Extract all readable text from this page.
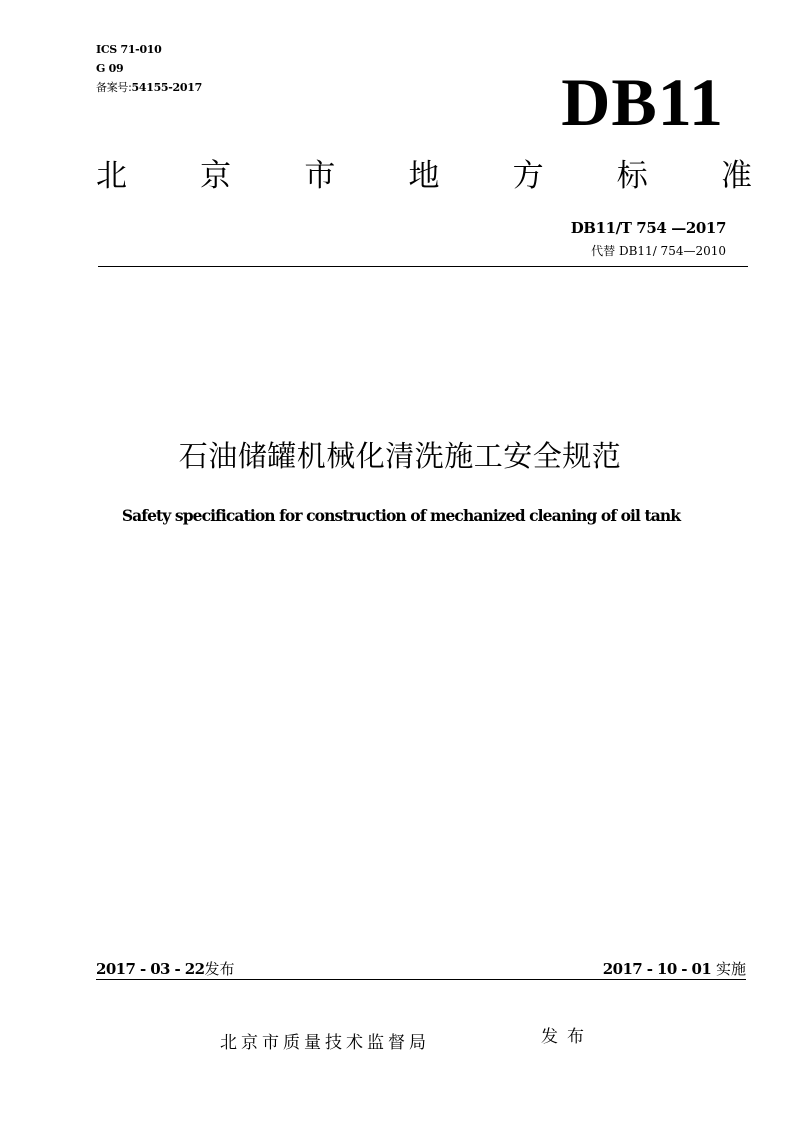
ICS 71-010
G 09
备案号:54155-2017	DB11
北 京 市 地 方 标 准
DB11/T 754 —2017
代替 DB11/ 754—2010
石油储罐机械化清洗施工安全规范
Safety specification for construction of mechanized cleaning of oil tank
2017 - 03 - 22发布	2017 - 10 - 01 实施
北京市质量技术监督局	发布
